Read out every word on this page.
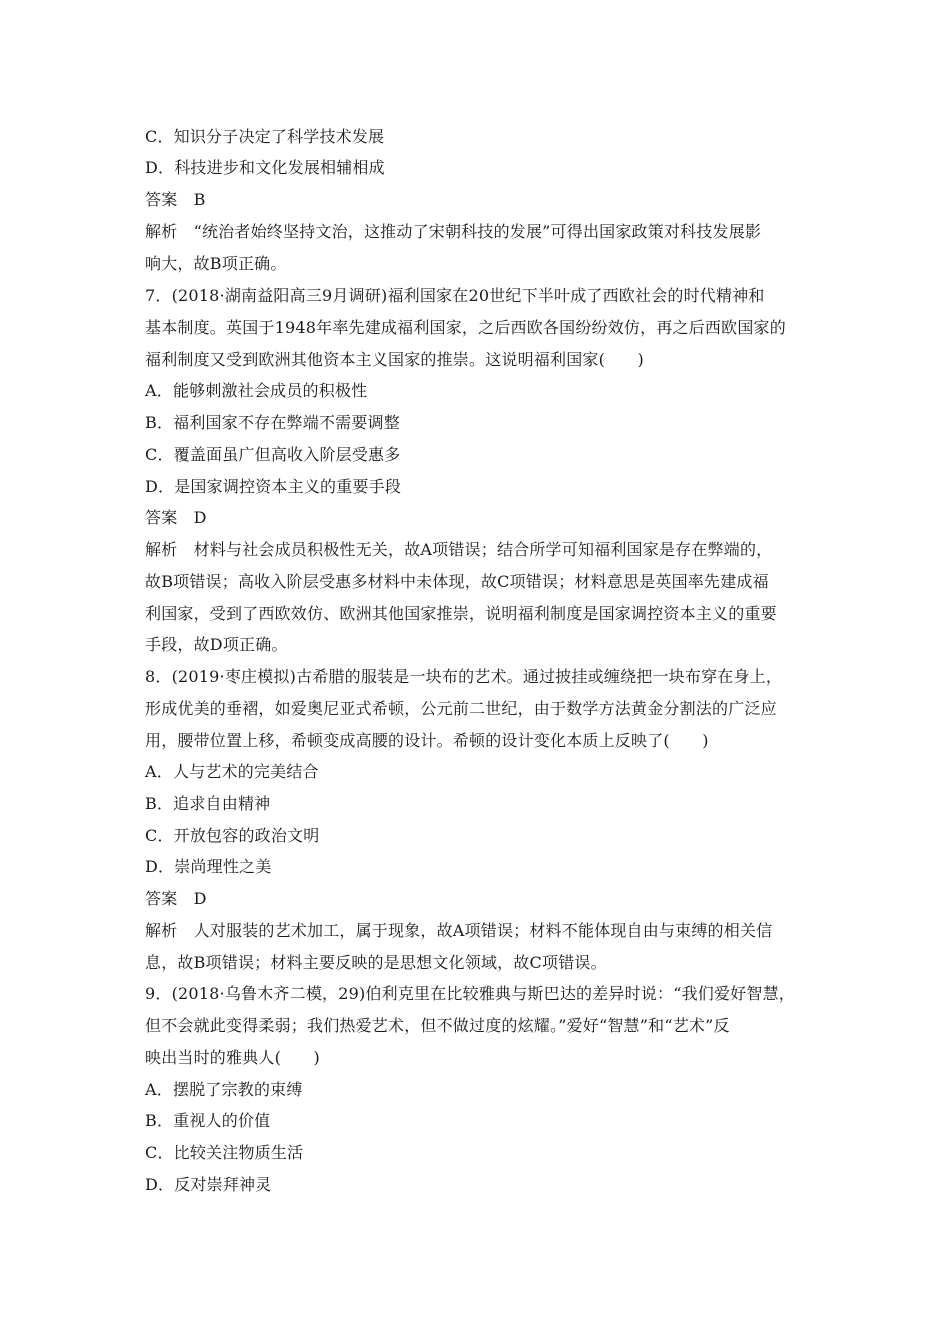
C．知识分子决定了科学技术发展
D．科技进步和文化发展相辅相成
答案　B
解析　“统治者始终坚持文治，这推动了宋朝科技的发展”可得出国家政策对科技发展影
响大，故B项正确。
7．(2018·湖南益阳高三9月调研)福利国家在20世纪下半叶成了西欧社会的时代精神和
基本制度。英国于1948年率先建成福利国家，之后西欧各国纷纷效仿，再之后西欧国家的
福利制度又受到欧洲其他资本主义国家的推崇。这说明福利国家(　　)
A．能够刺激社会成员的积极性
B．福利国家不存在弊端不需要调整
C．覆盖面虽广但高收入阶层受惠多
D．是国家调控资本主义的重要手段
答案　D
解析　材料与社会成员积极性无关，故A项错误；结合所学可知福利国家是存在弊端的，
故B项错误；高收入阶层受惠多材料中未体现，故C项错误；材料意思是英国率先建成福
利国家，受到了西欧效仿、欧洲其他国家推崇，说明福利制度是国家调控资本主义的重要
手段，故D项正确。
8．(2019·枣庄模拟)古希腊的服装是一块布的艺术。通过披挂或缠绕把一块布穿在身上，
形成优美的垂褶，如爱奥尼亚式希顿，公元前二世纪，由于数学方法黄金分割法的广泛应
用，腰带位置上移，希顿变成高腰的设计。希顿的设计变化本质上反映了(　　)
A．人与艺术的完美结合
B．追求自由精神
C．开放包容的政治文明
D．崇尚理性之美
答案　D
解析　人对服装的艺术加工，属于现象，故A项错误；材料不能体现自由与束缚的相关信
息，故B项错误；材料主要反映的是思想文化领域，故C项错误。
9．(2018·乌鲁木齐二模，29)伯利克里在比较雅典与斯巴达的差异时说：“我们爱好智慧，
但不会就此变得柔弱；我们热爱艺术，但不做过度的炫耀。”爱好“智慧”和“艺术”反
映出当时的雅典人(　　)
A．摆脱了宗教的束缚
B．重视人的价值
C．比较关注物质生活
D．反对崇拜神灵
